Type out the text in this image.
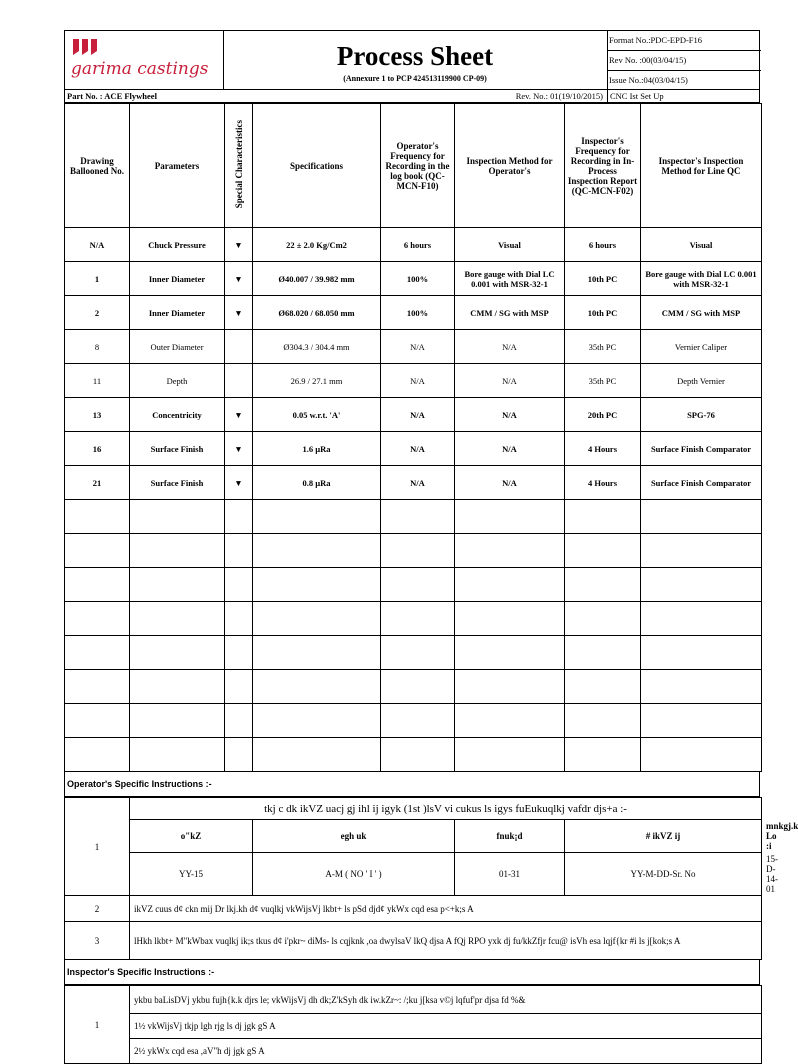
garima castings	Process Sheet
(Annexure 1 to PCP 424513119900 CP-09)
Format No.:PDC-EPD-F16
Rev No. :00(03/04/15)
Issue No.:04(03/04/15)
Part No. : ACE Flywheel	Rev. No.: 01(19/10/2015) CNC Ist Set Up
Drawing Ballooned No.	Parameters	Special Characteristics	Specifications	Operator's Frequency for Recording in the log book (QC-MCN-F10)	Inspection Method for Operator's	Inspector's Frequency for Recording in In-Process Inspection Report (QC-MCN-F02)	Inspector's Inspection Method for Line QC
N/A	Chuck Pressure	▼	22 ± 2.0 Kg/Cm2	6 hours	Visual	6 hours	Visual
1	Inner Diameter	▼	Ø40.007 / 39.982 mm	100%	Bore gauge with Dial LC 0.001 with MSR-32-1	10th PC	Bore gauge with Dial LC 0.001 with MSR-32-1
2	Inner Diameter	▼	Ø68.020 / 68.050 mm	100%	CMM / SG with MSP	10th PC	CMM / SG with MSP
8	Outer Diameter		Ø304.3 / 304.4 mm	N/A	N/A	35th PC	Vernier Caliper
11	Depth		26.9 / 27.1 mm	N/A	N/A	35th PC	Depth Vernier
13	Concentricity	▼	0.05 w.r.t. 'A'	N/A	N/A	20th PC	SPG-76
16	Surface Finish	▼	1.6 µRa	N/A	N/A	4 Hours	Surface Finish Comparator
21	Surface Finish	▼	0.8 µRa	N/A	N/A	4 Hours	Surface Finish Comparator

Operator's Specific Instructions :-
1	tkj c dk ikVZ uacj gj ihl ij igyk (1st )lsV vi cukus ls igys fuEukuqlkj vafdr djs+a :-				
	o"kZ	egh uk	fnuk¡d	# ikVZ ij	mnkgj.k Lo :i
	YY-15	A-M ( NO ' I ' )	01-31	YY-M-DD-Sr. No	15-D-14-01
2	ikVZ cuus d¢ ckn mij Dr lkj.kh d¢ vuqlkj vkWijsVj lkbt+ ls pSd djd¢ ykWx cqd esa p<+k;s A				
3	lHkh lkbt+ M"kWbax vuqlkj ik;s tkus d¢ i'pkr~ diMs- ls cqjknk ,oa dwylsaV lkQ djsa A fQj RPO yxk dj fu/kkZfjr fcu@ isVh esa lqjf{kr #i ls j[kok;s A				
Inspector's Specific Instructions :-
1	ykbu baLisDVj ykbu fujh{k.k djrs le; vkWijsVj dh dk;Z'kSyh dk iw.kZr~: /;ku j[ksa v©j lqfuf'pr djsa fd %&
1½ vkWijsVj tkjp lgh rjg ls dj jgk gS A
2½ ykWx cqd esa ,aV"h dj jgk gS A
